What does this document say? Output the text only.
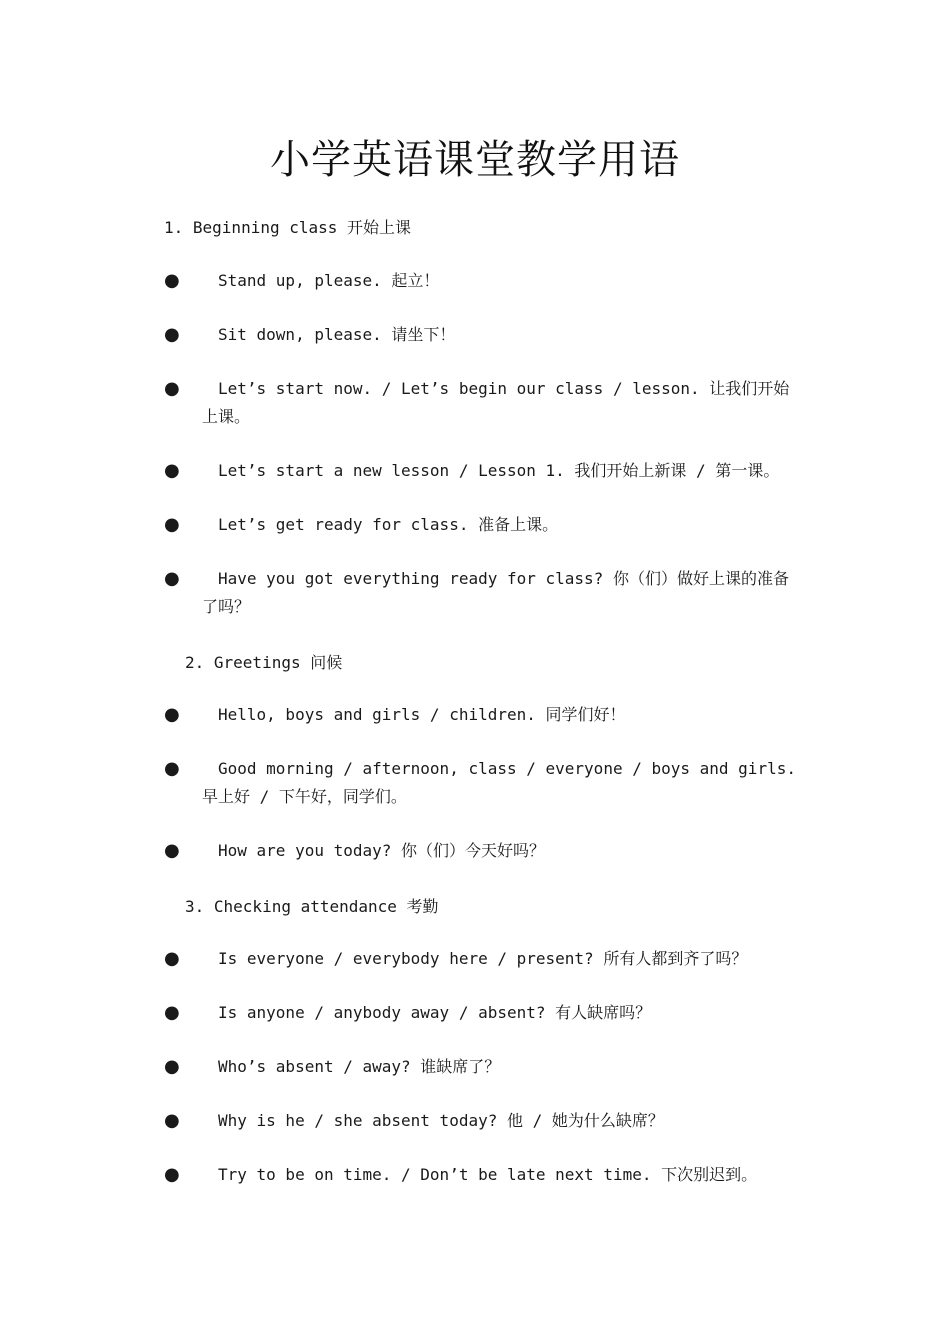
小学英语课堂教学用语
1. Beginning class 开始上课
●	Stand up, please. 起立！
●	Sit down, please. 请坐下！
●	Let’s start now. / Let’s begin our class / lesson. 让我们开始上课。
●	Let’s start a new lesson / Lesson 1. 我们开始上新课 / 第一课。
●	Let’s get ready for class. 准备上课。
●	Have you got everything ready for class? 你（们）做好上课的准备了吗？
2. Greetings 问候
●	Hello, boys and girls / children. 同学们好！
●	Good morning / afternoon, class / everyone / boys and girls. 早上好 / 下午好，同学们。
●	How are you today? 你（们）今天好吗？
3. Checking attendance 考勤
●	Is everyone / everybody here / present? 所有人都到齐了吗？
●	Is anyone / anybody away / absent? 有人缺席吗？
●	Who’s absent / away? 谁缺席了？
●	Why is he / she absent today? 他 / 她为什么缺席？
●	Try to be on time. / Don’t be late next time. 下次别迟到。
